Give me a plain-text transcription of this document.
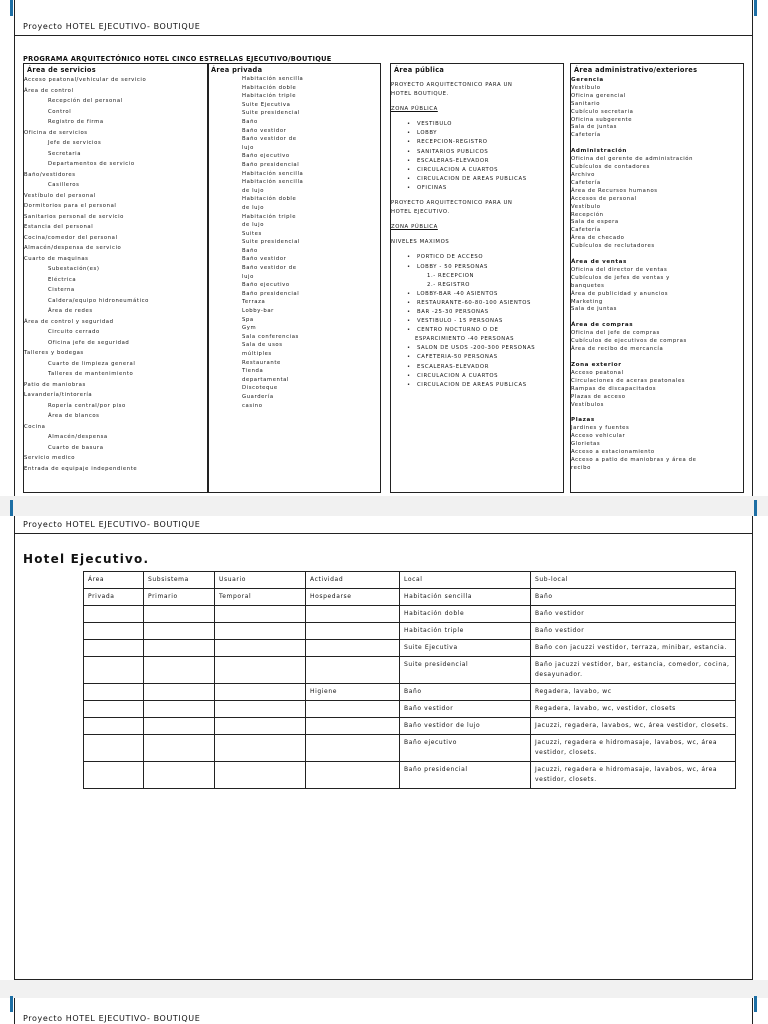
Proyecto HOTEL EJECUTIVO- BOUTIQUE
PROGRAMA ARQUITECTÓNICO HOTEL CINCO ESTRELLAS EJECUTIVO/BOUTIQUE
Área de servicios
Acceso peatonal/vehicular de servicio
Área de control
Recepción del personal
Control
Registro de firma
Oficina de servicios
Jefe de servicios
Secretaria
Departamentos de servicio
Baño/vestidores
Casilleros
Vestíbulo del personal
Dormitorios para el personal
Sanitarios personal de servicio
Estancia del personal
Cocina/comedor del personal
Almacén/despensa de servicio
Cuarto de maquinas
Subestación(es)
Eléctrica
Cisterna
Caldera/equipo hidroneumático
Área de redes
Área de control y seguridad
Circuito cerrado
Oficina jefe de seguridad
Talleres y bodegas
Cuarto de limpieza general
Talleres de mantenimiento
Patio de maniobras
Lavandería/tintorería
Ropería central/por piso
Área de blancos
Cocina
Almacén/despensa
Cuarto de basura
Servicio medico
Entrada de equipaje independiente
Área privada
Habitación sencilla
Habitación doble
Habitación triple
Suite Ejecutiva
Suite presidencial
Baño
Baño vestidor
Baño vestidor de
lujo
Baño ejecutivo
Baño presidencial
Habitación sencilla
Habitación sencilla
de lujo
Habitación doble
de lujo
Habitación triple
de lujo
Suites
Suite presidencial
Baño
Baño vestidor
Baño vestidor de
lujo
Baño ejecutivo
Baño presidencial
Terraza
Lobby-bar
Spa
Gym
Sala conferencias
Sala de usos
múltiples
Restaurante
Tienda
departamental
Discoteque
Guardería
casino
Área pública
PROYECTO ARQUITECTONICO PARA UN
HOTEL BOUTIQUE.
ZONA PÚBLICA
• VESTIBULO
• LOBBY
• RECEPCION-REGISTRO
• SANITARIOS PUBLICOS
• ESCALERAS-ELEVADOR
• CIRCULACION A CUARTOS
• CIRCULACION DE AREAS PUBLICAS
• OFICINAS
PROYECTO ARQUITECTONICO PARA UN
HOTEL EJECUTIVO.
ZONA PÚBLICA
NIVELES MAXIMOS
• PORTICO DE ACCESO
• LOBBY - 50 PERSONAS
1.- RECEPCION
2.- REGISTRO
• LOBBY-BAR -40 ASIENTOS
• RESTAURANTE-60-80-100 ASIENTOS
• BAR -25-30 PERSONAS
• VESTIBULO - 15 PERSONAS
• CENTRO NOCTURNO O DE
ESPARCIMIENTO -40 PERSONAS
• SALON DE USOS -200-300 PERSONAS
• CAFETERIA-50 PERSONAS
• ESCALERAS-ELEVADOR
• CIRCULACION A CUARTOS
• CIRCULACION DE AREAS PUBLICAS
Área administrativo/exteriores
Gerencia
Vestíbulo
Oficina gerencial
Sanitario
Cubículo secretaria
Oficina subgerente
Sala de juntas
Cafetería
Administración
Oficina del gerente de administración
Cubículos de contadores
Archivo
Cafetería
Área de Recursos humanos
Accesos de personal
Vestíbulo
Recepción
Sala de espera
Cafetería
Área de checado
Cubículos de reclutadores
Área de ventas
Oficina del director de ventas
Cubículos de jefes de ventas y
banquetes
Área de publicidad y anuncios
Marketing
Sala de juntas
Área de compras
Oficina del jefe de compras
Cubículos de ejecutivos de compras
Área de recibo de mercancía
Zona exterior
Acceso peatonal
Circulaciones de aceras peatonales
Rampas de discapacitados
Plazas de acceso
Vestíbulos
Plazas
Jardines y fuentes
Acceso vehicular
Glorietas
Acceso a estacionamiento
Acceso a patio de maniobras y área de
recibo
Proyecto HOTEL EJECUTIVO- BOUTIQUE
Hotel Ejecutivo.
Área	Subsistema	Usuario	Actividad	Local	Sub-local
Privada	Primario	Temporal	Hospedarse	Habitación sencilla	Baño
				Habitación doble	Baño vestidor
				Habitación triple	Baño vestidor
				Suite Ejecutiva	Baño con jacuzzi vestidor, terraza, minibar, estancia.
				Suite presidencial	Baño jacuzzi vestidor, bar, estancia, comedor, cocina, desayunador.
			Higiene	Baño	Regadera, lavabo, wc
				Baño vestidor	Regadera, lavabo, wc, vestidor, closets
				Baño vestidor de lujo	Jacuzzi, regadera, lavabos, wc, área vestidor, closets.
				Baño ejecutivo	Jacuzzi, regadera e hidromasaje, lavabos, wc, área vestidor, closets.
				Baño presidencial	Jacuzzi, regadera e hidromasaje, lavabos, wc, área vestidor, closets.
Proyecto HOTEL EJECUTIVO- BOUTIQUE
